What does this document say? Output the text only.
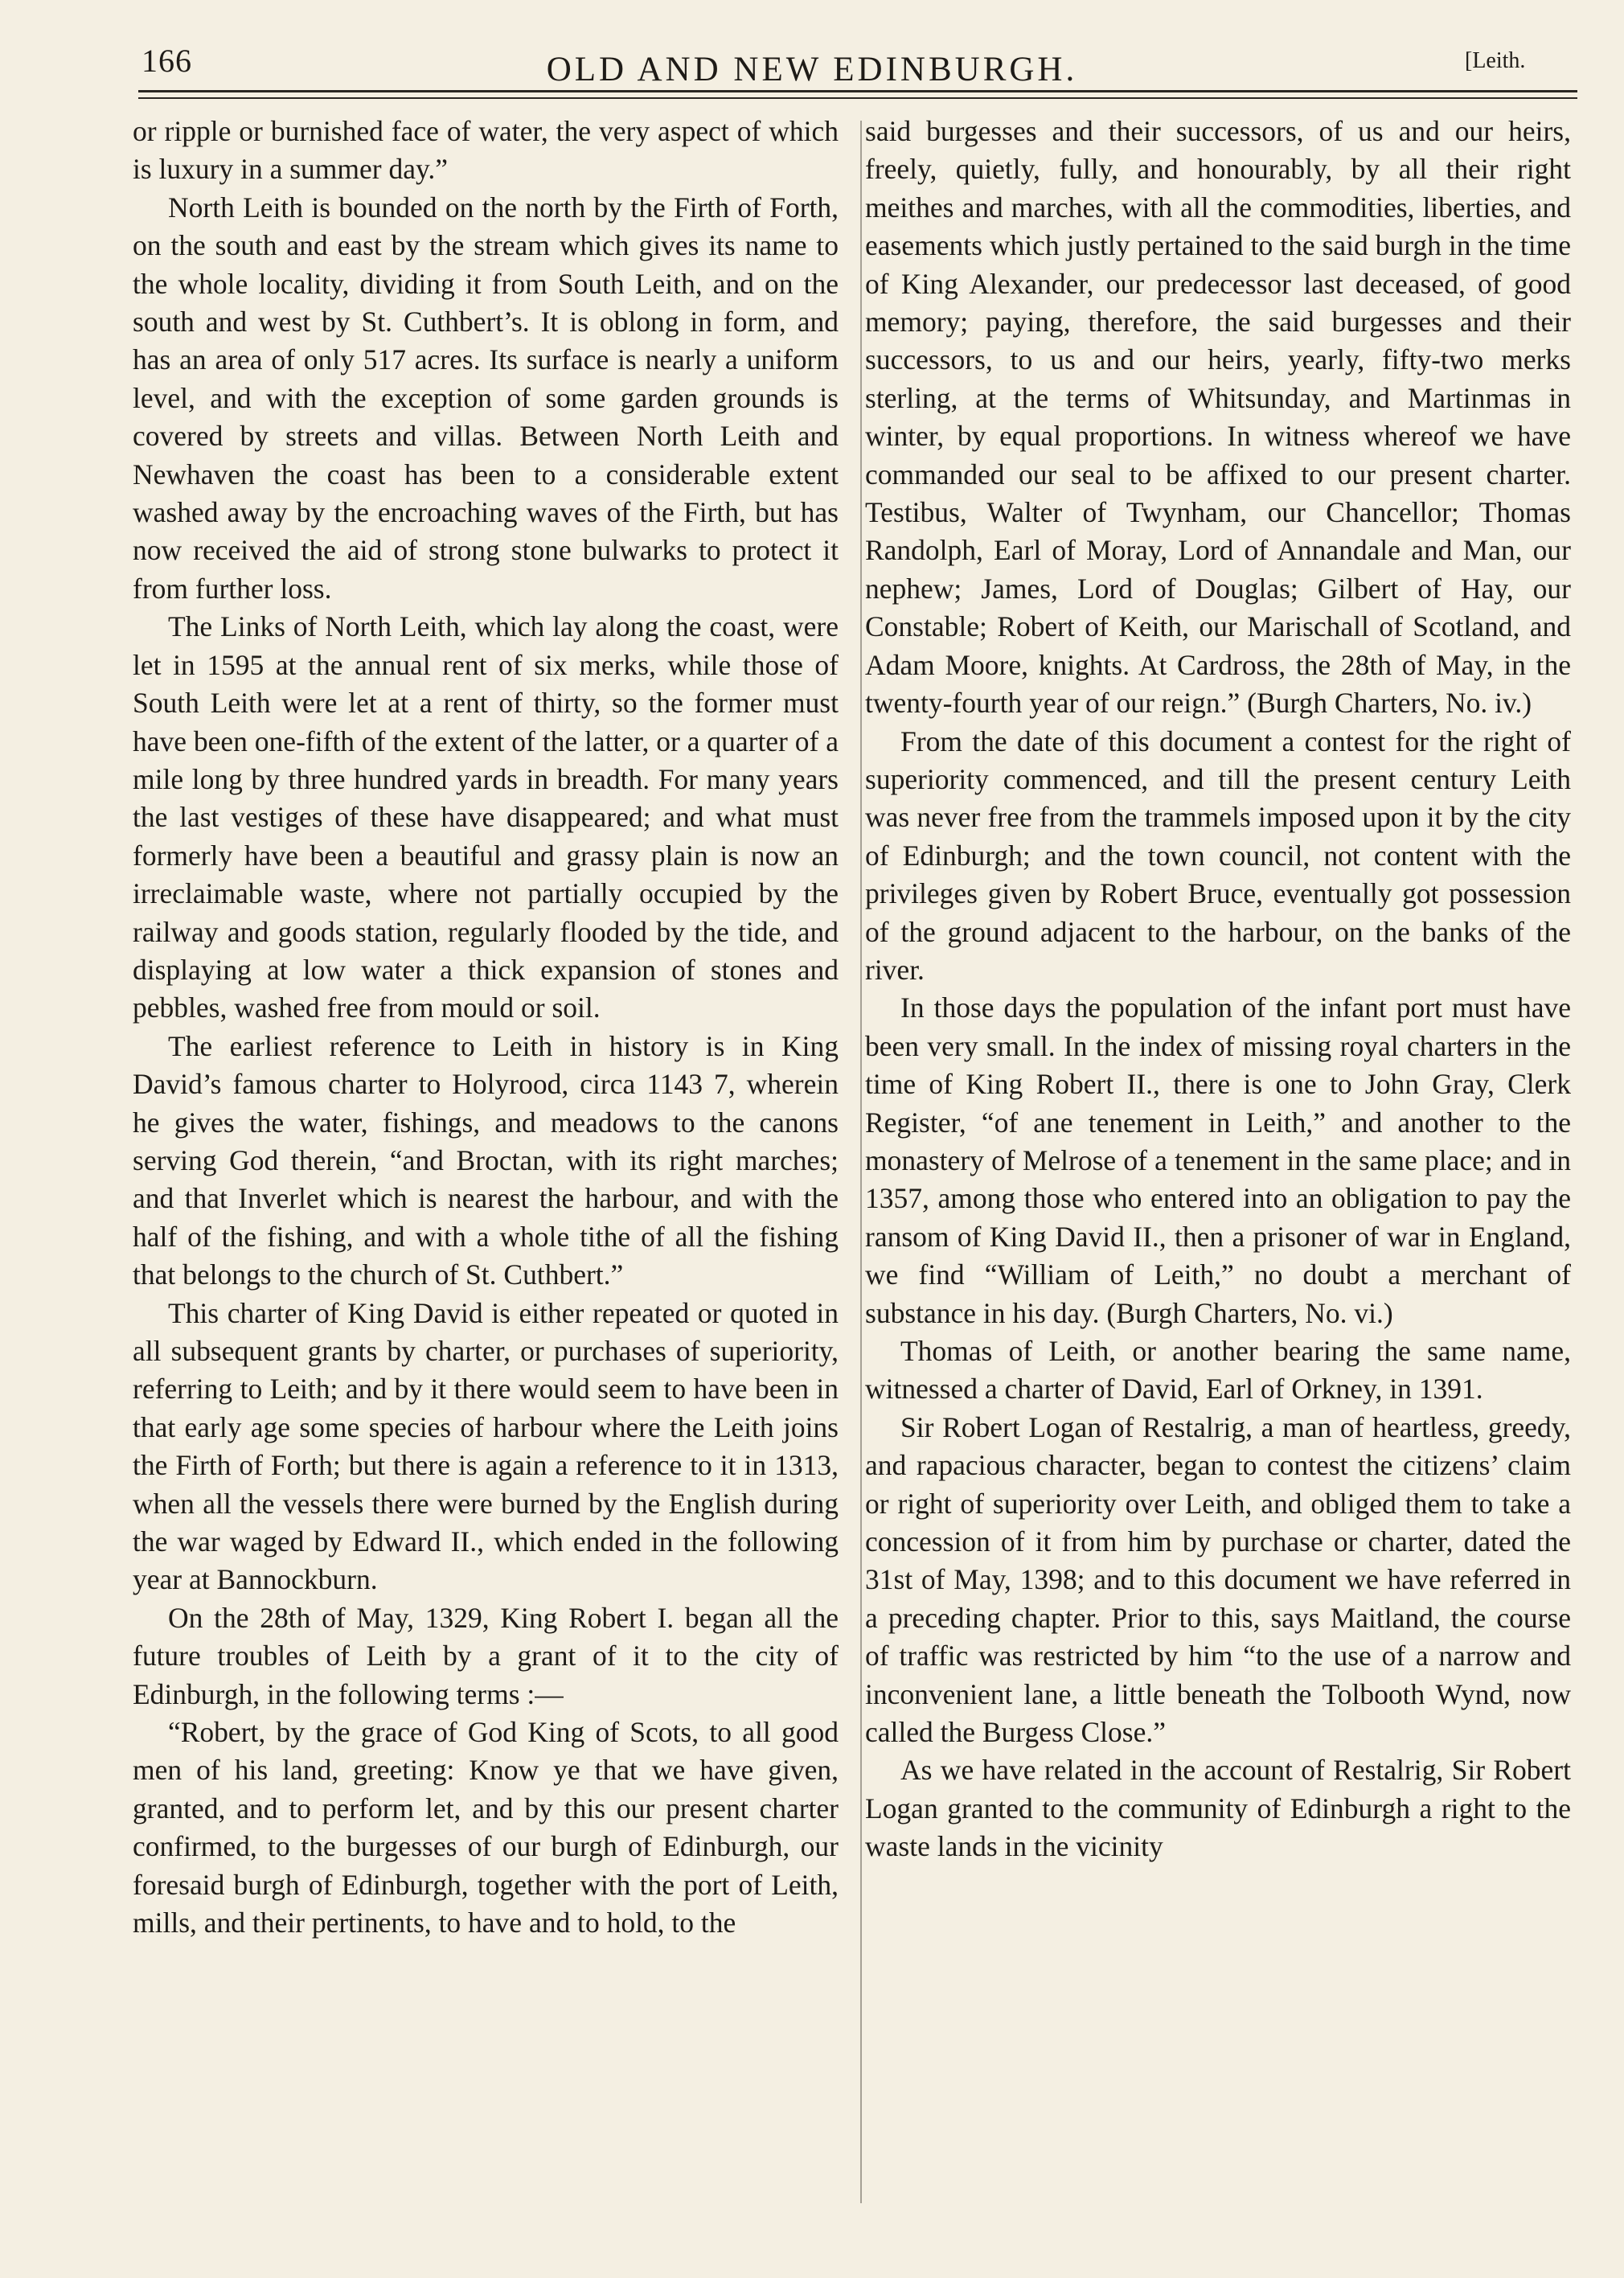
166	OLD AND NEW EDINBURGH.	[Leith.

or ripple or burnished face of water, the very aspect of which is luxury in a summer day.”

North Leith is bounded on the north by the Firth of Forth, on the south and east by the stream which gives its name to the whole locality, dividing it from South Leith, and on the south and west by St. Cuthbert’s. It is oblong in form, and has an area of only 517 acres. Its surface is nearly a uniform level, and with the exception of some garden grounds is covered by streets and villas. Between North Leith and Newhaven the coast has been to a considerable extent washed away by the encroaching waves of the Firth, but has now received the aid of strong stone bulwarks to protect it from further loss.

The Links of North Leith, which lay along the coast, were let in 1595 at the annual rent of six merks, while those of South Leith were let at a rent of thirty, so the former must have been one-fifth of the extent of the latter, or a quarter of a mile long by three hundred yards in breadth. For many years the last vestiges of these have disappeared; and what must formerly have been a beautiful and grassy plain is now an irreclaimable waste, where not partially occupied by the railway and goods station, regularly flooded by the tide, and displaying at low water a thick expansion of stones and pebbles, washed free from mould or soil.

The earliest reference to Leith in history is in King David’s famous charter to Holyrood, circa 1143 7, wherein he gives the water, fishings, and meadows to the canons serving God therein, “and Broctan, with its right marches; and that Inverlet which is nearest the harbour, and with the half of the fishing, and with a whole tithe of all the fishing that belongs to the church of St. Cuthbert.”

This charter of King David is either repeated or quoted in all subsequent grants by charter, or purchases of superiority, referring to Leith; and by it there would seem to have been in that early age some species of harbour where the Leith joins the Firth of Forth; but there is again a reference to it in 1313, when all the vessels there were burned by the English during the war waged by Edward II., which ended in the following year at Bannockburn.

On the 28th of May, 1329, King Robert I. began all the future troubles of Leith by a grant of it to the city of Edinburgh, in the following terms :—

“Robert, by the grace of God King of Scots, to all good men of his land, greeting: Know ye that we have given, granted, and to perform let, and by this our present charter confirmed, to the burgesses of our burgh of Edinburgh, our foresaid burgh of Edinburgh, together with the port of Leith, mills, and their pertinents, to have and to hold, to the

said burgesses and their successors, of us and our heirs, freely, quietly, fully, and honourably, by all their right meithes and marches, with all the commodities, liberties, and easements which justly pertained to the said burgh in the time of King Alexander, our predecessor last deceased, of good memory; paying, therefore, the said burgesses and their successors, to us and our heirs, yearly, fifty-two merks sterling, at the terms of Whitsunday, and Martinmas in winter, by equal proportions. In witness whereof we have commanded our seal to be affixed to our present charter. Testibus, Walter of Twynham, our Chancellor; Thomas Randolph, Earl of Moray, Lord of Annandale and Man, our nephew; James, Lord of Douglas; Gilbert of Hay, our Constable; Robert of Keith, our Marischall of Scotland, and Adam Moore, knights. At Cardross, the 28th of May, in the twenty-fourth year of our reign.” (Burgh Charters, No. iv.)

From the date of this document a contest for the right of superiority commenced, and till the present century Leith was never free from the trammels imposed upon it by the city of Edinburgh; and the town council, not content with the privileges given by Robert Bruce, eventually got possession of the ground adjacent to the harbour, on the banks of the river.

In those days the population of the infant port must have been very small. In the index of missing royal charters in the time of King Robert II., there is one to John Gray, Clerk Register, “of ane tenement in Leith,” and another to the monastery of Melrose of a tenement in the same place; and in 1357, among those who entered into an obligation to pay the ransom of King David II., then a prisoner of war in England, we find “William of Leith,” no doubt a merchant of substance in his day. (Burgh Charters, No. vi.)

Thomas of Leith, or another bearing the same name, witnessed a charter of David, Earl of Orkney, in 1391.

Sir Robert Logan of Restalrig, a man of heartless, greedy, and rapacious character, began to contest the citizens’ claim or right of superiority over Leith, and obliged them to take a concession of it from him by purchase or charter, dated the 31st of May, 1398; and to this document we have referred in a preceding chapter. Prior to this, says Maitland, the course of traffic was restricted by him “to the use of a narrow and inconvenient lane, a little beneath the Tolbooth Wynd, now called the Burgess Close.”

As we have related in the account of Restalrig, Sir Robert Logan granted to the community of Edinburgh a right to the waste lands in the vicinity
